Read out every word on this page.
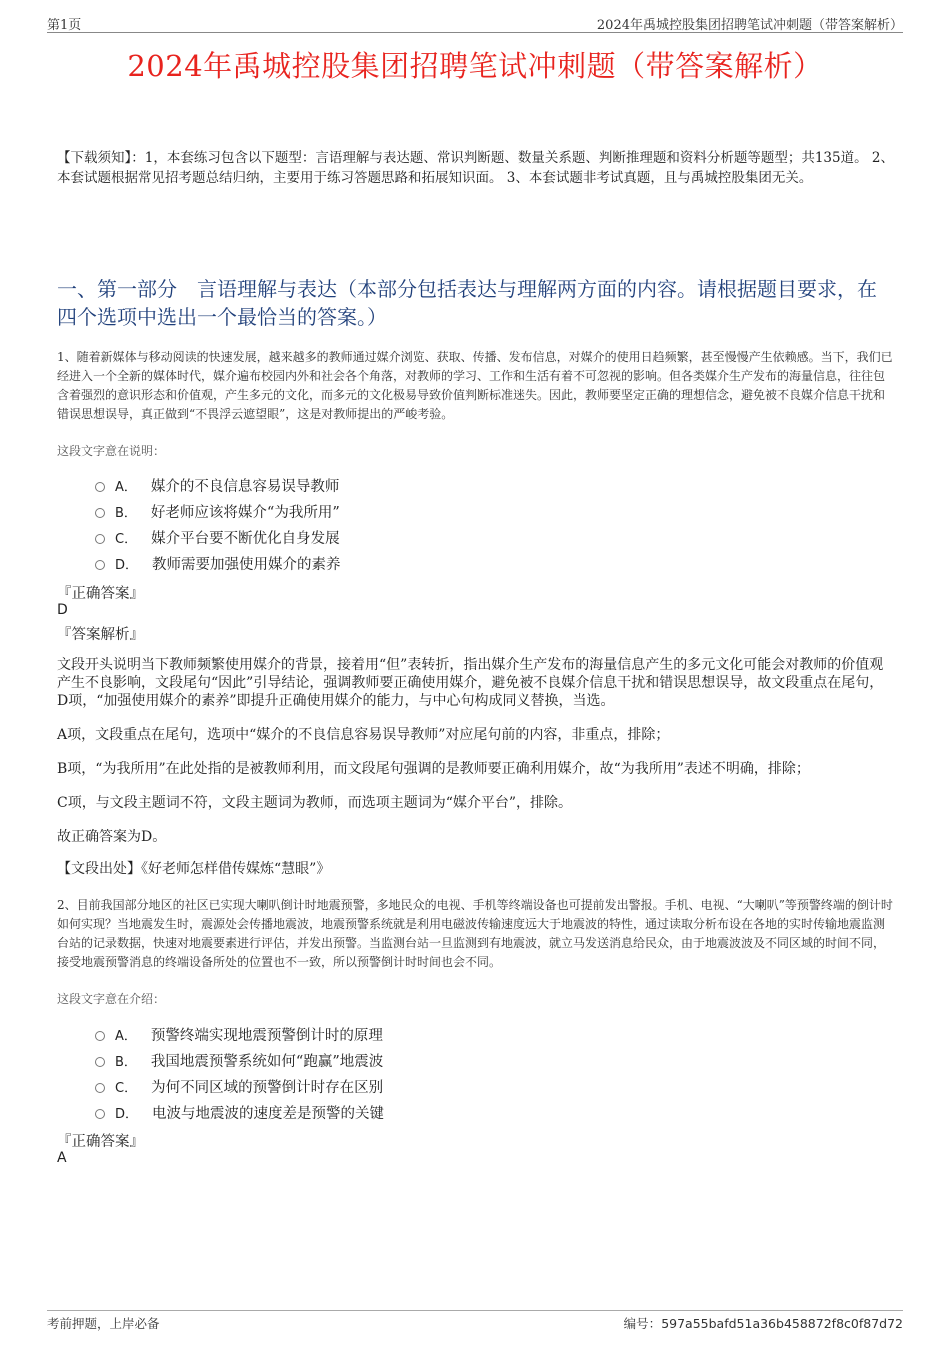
第1页	2024年禹城控股集团招聘笔试冲刺题（带答案解析）
2024年禹城控股集团招聘笔试冲刺题（带答案解析）
【下载须知】：1，本套练习包含以下题型：言语理解与表达题、常识判断题、数量关系题、判断推理题和资料分析题等题型；共135道。 2、本套试题根据常见招考题总结归纳，主要用于练习答题思路和拓展知识面。 3、本套试题非考试真题，且与禹城控股集团无关。
一、第一部分　言语理解与表达（本部分包括表达与理解两方面的内容。请根据题目要求，在四个选项中选出一个最恰当的答案。）
1、随着新媒体与移动阅读的快速发展，越来越多的教师通过媒介浏览、获取、传播、发布信息，对媒介的使用日趋频繁，甚至慢慢产生依赖感。当下，我们已经进入一个全新的媒体时代，媒介遍布校园内外和社会各个角落，对教师的学习、工作和生活有着不可忽视的影响。但各类媒介生产发布的海量信息，往往包含着强烈的意识形态和价值观，产生多元的文化，而多元的文化极易导致价值判断标准迷失。因此，教师要坚定正确的理想信念，避免被不良媒介信息干扰和错误思想误导，真正做到“不畏浮云遮望眼”，这是对教师提出的严峻考验。
这段文字意在说明：
A． 媒介的不良信息容易误导教师
B． 好老师应该将媒介“为我所用”
C． 媒介平台要不断优化自身发展
D． 教师需要加强使用媒介的素养
『正确答案』
D
『答案解析』
文段开头说明当下教师频繁使用媒介的背景，接着用“但”表转折，指出媒介生产发布的海量信息产生的多元文化可能会对教师的价值观产生不良影响，文段尾句“因此”引导结论，强调教师要正确使用媒介，避免被不良媒介信息干扰和错误思想误导，故文段重点在尾句，D项，“加强使用媒介的素养”即提升正确使用媒介的能力，与中心句构成同义替换，当选。
A项，文段重点在尾句，选项中“媒介的不良信息容易误导教师”对应尾句前的内容，非重点，排除；
B项，“为我所用”在此处指的是被教师利用，而文段尾句强调的是教师要正确利用媒介，故“为我所用”表述不明确，排除；
C项，与文段主题词不符，文段主题词为教师，而选项主题词为“媒介平台”，排除。
故正确答案为D。
【文段出处】《好老师怎样借传媒炼“慧眼”》
2、目前我国部分地区的社区已实现大喇叭倒计时地震预警，多地民众的电视、手机等终端设备也可提前发出警报。手机、电视、“大喇叭”等预警终端的倒计时如何实现？当地震发生时，震源处会传播地震波，地震预警系统就是利用电磁波传输速度远大于地震波的特性，通过读取分析布设在各地的实时传输地震监测台站的记录数据，快速对地震要素进行评估，并发出预警。当监测台站一旦监测到有地震波，就立马发送消息给民众，由于地震波波及不同区域的时间不同，接受地震预警消息的终端设备所处的位置也不一致，所以预警倒计时时间也会不同。
这段文字意在介绍：
A． 预警终端实现地震预警倒计时的原理
B． 我国地震预警系统如何“跑赢”地震波
C． 为何不同区域的预警倒计时存在区别
D． 电波与地震波的速度差是预警的关键
『正确答案』
A
考前押题，上岸必备	编号：597a55bafd51a36b458872f8c0f87d72
